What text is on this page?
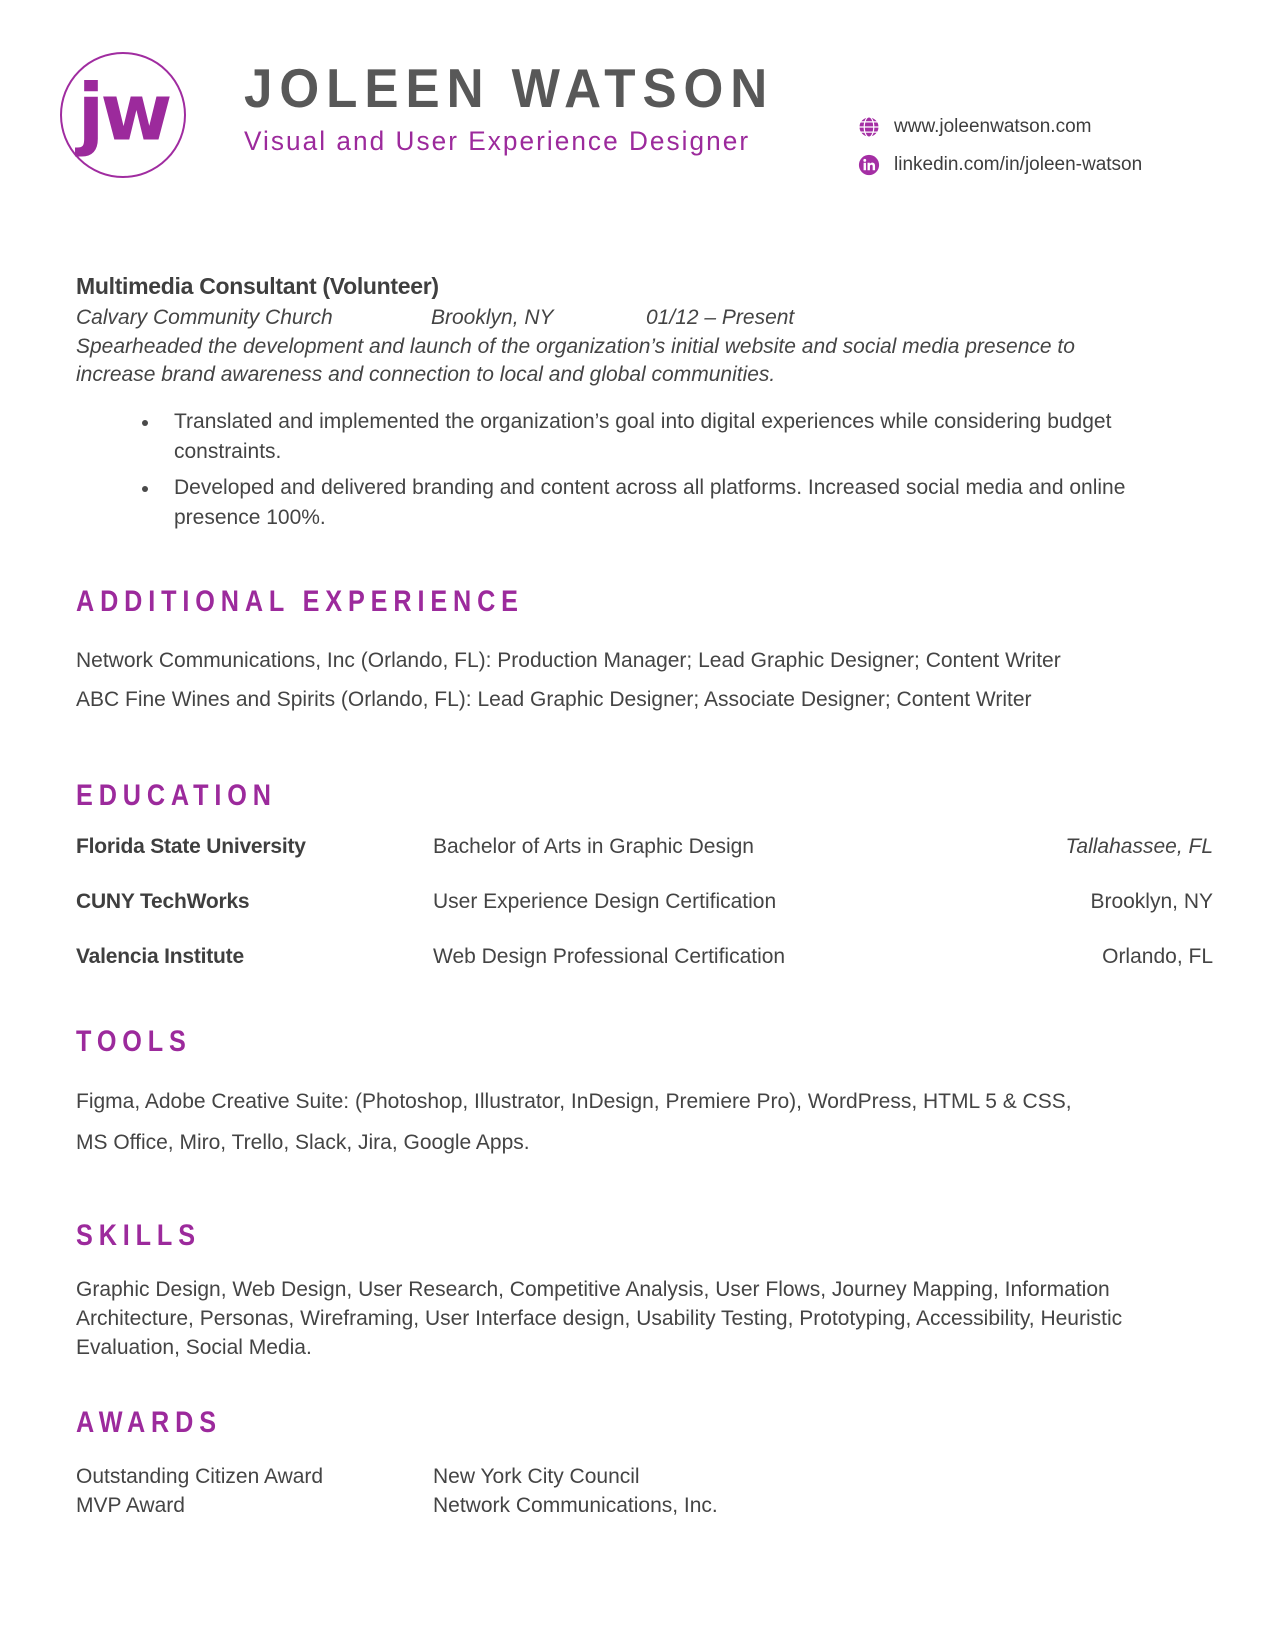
jw JOLEEN WATSON
Visual and User Experience Designer	www.joleenwatson.com
linkedin.com/in/joleen-watson
Multimedia Consultant (Volunteer)
Calvary Community Church	Brooklyn, NY	01/12 – Present
Spearheaded the development and launch of the organization’s initial website and social media presence to increase brand awareness and connection to local and global communities.
Translated and implemented the organization’s goal into digital experiences while considering budget constraints.
Developed and delivered branding and content across all platforms. Increased social media and online presence 100%.
ADDITIONAL EXPERIENCE
Network Communications, Inc (Orlando, FL): Production Manager; Lead Graphic Designer; Content Writer
ABC Fine Wines and Spirits (Orlando, FL): Lead Graphic Designer; Associate Designer; Content Writer
EDUCATION
Florida State University	Bachelor of Arts in Graphic Design	Tallahassee, FL
CUNY TechWorks	User Experience Design Certification	Brooklyn, NY
Valencia Institute	Web Design Professional Certification	Orlando, FL
TOOLS
Figma, Adobe Creative Suite: (Photoshop, Illustrator, InDesign, Premiere Pro), WordPress, HTML 5 & CSS,
MS Office, Miro, Trello, Slack, Jira, Google Apps.
SKILLS
Graphic Design, Web Design, User Research, Competitive Analysis, User Flows, Journey Mapping, Information Architecture, Personas, Wireframing, User Interface design, Usability Testing, Prototyping, Accessibility, Heuristic Evaluation, Social Media.
AWARDS
Outstanding Citizen Award	New York City Council
MVP Award	Network Communications, Inc.
